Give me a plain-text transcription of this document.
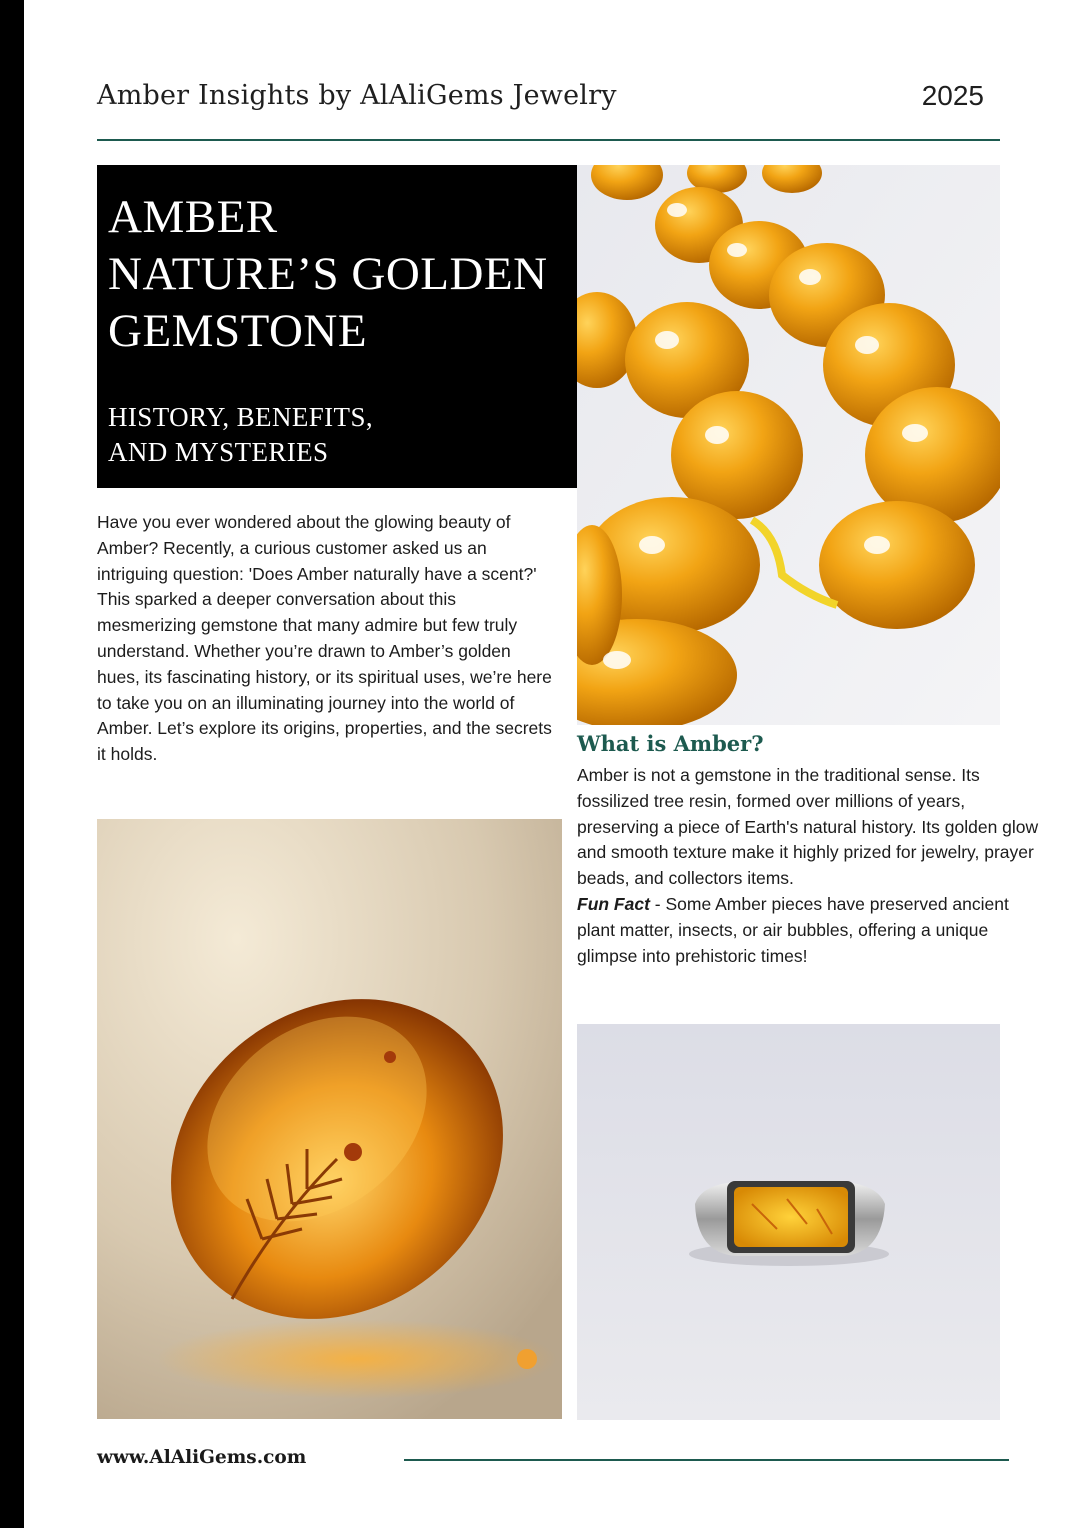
Amber Insights by AlAliGems Jewelry	2025
AMBER
NATURE’S GOLDEN
GEMSTONE
HISTORY, BENEFITS,
AND MYSTERIES
Have you ever wondered about the glowing beauty of Amber? Recently, a curious customer asked us an intriguing question: 'Does Amber naturally have a scent?' This sparked a deeper conversation about this mesmerizing gemstone that many admire but few truly understand. Whether you’re drawn to Amber’s golden hues, its fascinating history, or its spiritual uses, we’re here to take you on an illuminating journey into the world of Amber. Let’s explore its origins, properties, and the secrets it holds.	What is Amber?
Amber is not a gemstone in the traditional sense. Its fossilized tree resin, formed over millions of years, preserving a piece of Earth's natural history. Its golden glow and smooth texture make it highly prized for jewelry, prayer beads, and collectors items.
Fun Fact - Some Amber pieces have preserved ancient plant matter, insects, or air bubbles, offering a unique glimpse into prehistoric times!
www.AlAliGems.com
